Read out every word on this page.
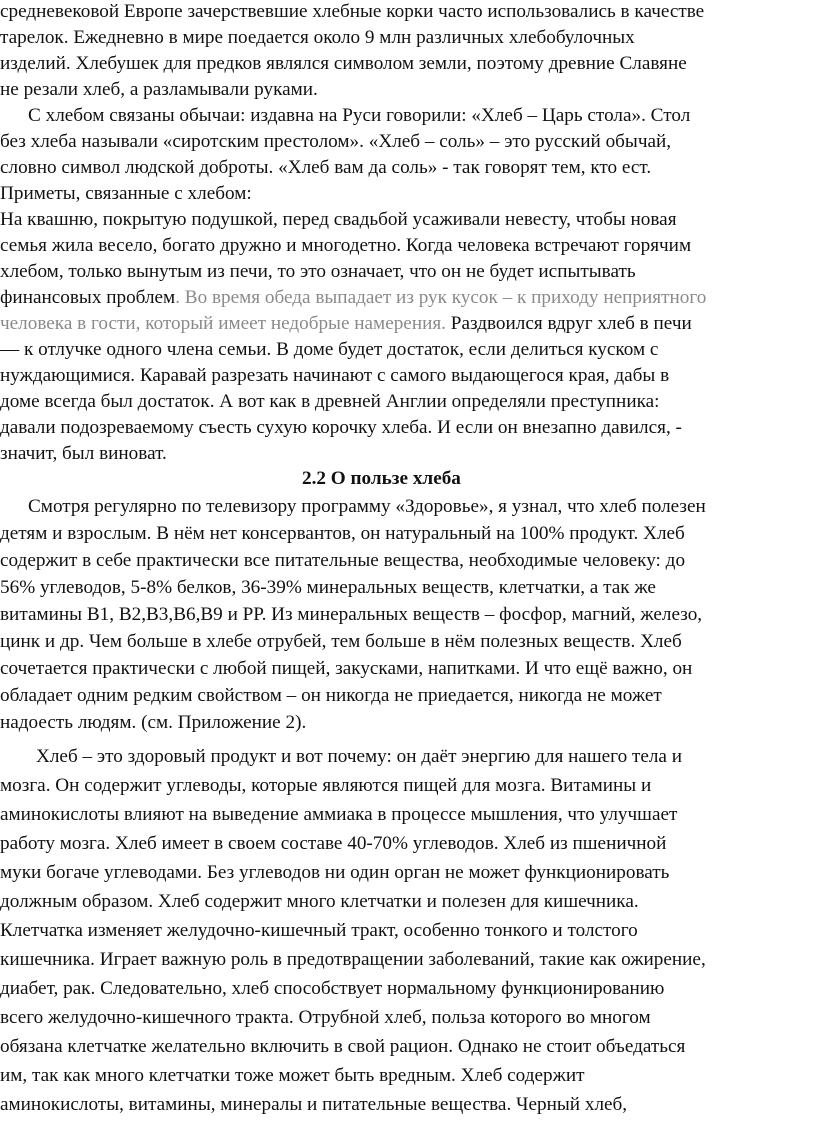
средневековой Европе зачерствевшие хлебные корки часто использовались в качестве
тарелок. Ежедневно в мире поедается около 9 млн различных хлебобулочных
изделий. Хлебушек для предков являлся символом земли, поэтому древние Славяне
не резали хлеб, а разламывали руками.
С хлебом связаны обычаи: издавна на Руси говорили: «Хлеб – Царь стола». Стол
без хлеба называли «сиротским престолом». «Хлеб – соль» – это русский обычай,
словно символ людской доброты. «Хлеб вам да соль» - так говорят тем, кто ест.
Приметы, связанные с хлебом:
На квашню, покрытую подушкой, перед свадьбой усаживали невесту, чтобы новая
семья жила весело, богато дружно и многодетно. Когда человека встречают горячим
хлебом, только вынутым из печи, то это означает, что он не будет испытывать
финансовых проблем. Во время обеда выпадает из рук кусок – к приходу неприятного
человека в гости, который имеет недобрые намерения. Раздвоился вдруг хлеб в печи
— к отлучке одного члена семьи. В доме будет достаток, если делиться куском с
нуждающимися. Каравай разрезать начинают с самого выдающегося края, дабы в
доме всегда был достаток. А вот как в древней Англии определяли преступника:
давали подозреваемому съесть сухую корочку хлеба. И если он внезапно давился, -
значит, был виноват.
2.2 О пользе хлеба
Смотря регулярно по телевизору программу «Здоровье», я узнал, что хлеб полезен
детям и взрослым. В нём нет консервантов, он натуральный на 100% продукт. Хлеб
содержит в себе практически все питательные вещества, необходимые человеку: до
56% углеводов, 5-8% белков, 36-39% минеральных веществ, клетчатки, а так же
витамины В1, В2,В3,В6,В9 и РР. Из минеральных веществ – фосфор, магний, железо,
цинк и др. Чем больше в хлебе отрубей, тем больше в нём полезных веществ. Хлеб
сочетается практически с любой пищей, закусками, напитками. И что ещё важно, он
обладает одним редким свойством – он никогда не приедается, никогда не может
надоесть людям. (см. Приложение 2).
Хлеб – это здоровый продукт и вот почему: он даёт энергию для нашего тела и
мозга. Он содержит углеводы, которые являются пищей для мозга. Витамины и
аминокислоты влияют на выведение аммиака в процессе мышления, что улучшает
работу мозга. Хлеб имеет в своем составе 40-70% углеводов. Хлеб из пшеничной
муки богаче углеводами. Без углеводов ни один орган не может функционировать
должным образом. Хлеб содержит много клетчатки и полезен для кишечника.
Клетчатка изменяет желудочно-кишечный тракт, особенно тонкого и толстого
кишечника. Играет важную роль в предотвращении заболеваний, такие как ожирение,
диабет, рак. Следовательно, хлеб способствует нормальному функционированию
всего желудочно-кишечного тракта. Отрубной хлеб, польза которого во многом
обязана клетчатке желательно включить в свой рацион. Однако не стоит объедаться
им, так как много клетчатки тоже может быть вредным. Хлеб содержит
аминокислоты, витамины, минералы и питательные вещества. Черный хлеб,
